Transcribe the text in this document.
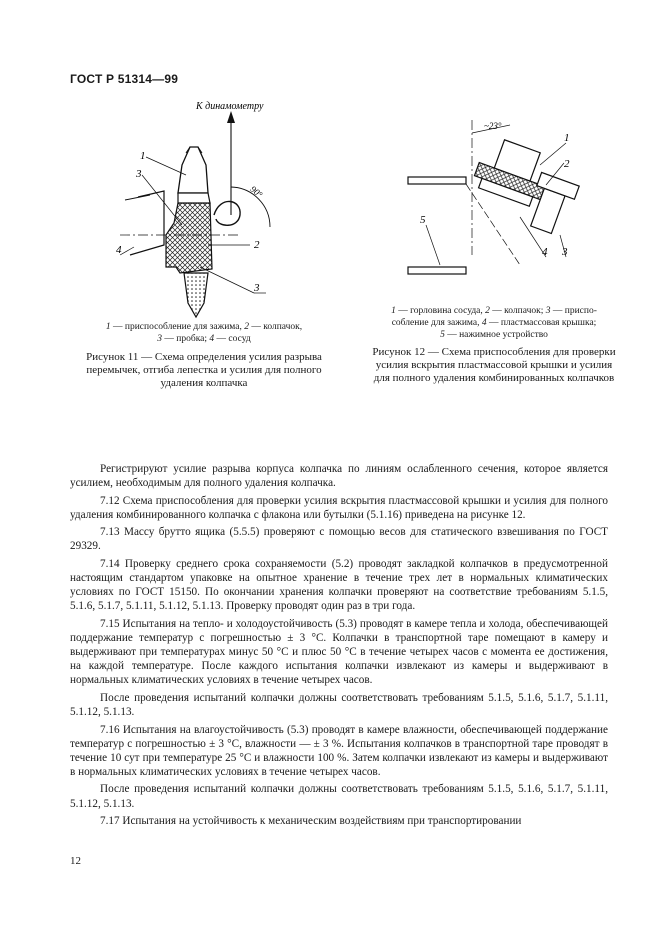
ГОСТ Р 51314—99
К динамометру
90°
1
3
2
3
4
1 — приспособление для зажима, 2 — колпачок,
3 — пробка; 4 — сосуд
Рисунок 11 — Схема определения усилия разрыва перемычек, отгиба лепестка и усилия для полного удаления колпачка
~23°
1
2
3
4
5
1 — горловина сосуда, 2 — колпачок; 3 — приспо-
собление для зажима, 4 — пластмассовая крышка;
5 — нажимное устройство
Рисунок 12 — Схема приспособления для проверки усилия вскрытия пластмассовой крышки и усилия для полного удаления комбинированных колпачков

Регистрируют усилие разрыва корпуса колпачка по линиям ослабленного сечения, которое является усилием, необходимым для полного удаления колпачка.

7.12 Схема приспособления для проверки усилия вскрытия пластмассовой крышки и усилия для полного удаления комбинированного колпачка с флакона или бутылки (5.1.16) приведена на рисунке 12.

7.13 Массу брутто ящика (5.5.5) проверяют с помощью весов для статического взвешивания по ГОСТ 29329.

7.14 Проверку среднего срока сохраняемости (5.2) проводят закладкой колпачков в предусмотренной настоящим стандартом упаковке на опытное хранение в течение трех лет в нормальных климатических условиях по ГОСТ 15150. По окончании хранения колпачки проверяют на соответствие требованиям 5.1.5, 5.1.6, 5.1.7, 5.1.11, 5.1.12, 5.1.13. Проверку проводят один раз в три года.

7.15 Испытания на тепло- и холодоустойчивость (5.3) проводят в камере тепла и холода, обеспечивающей поддержание температур с погрешностью ± 3 °С. Колпачки в транспортной таре помещают в камеру и выдерживают при температурах минус 50 °С и плюс 50 °С в течение четырех часов с момента ее достижения, на каждой температуре. После каждого испытания колпачки извлекают из камеры и выдерживают в нормальных климатических условиях в течение четырех часов.

После проведения испытаний колпачки должны соответствовать требованиям 5.1.5, 5.1.6, 5.1.7, 5.1.11, 5.1.12, 5.1.13.

7.16 Испытания на влагоустойчивость (5.3) проводят в камере влажности, обеспечивающей поддержание температур с погрешностью ± 3 °С, влажности — ± 3 %. Испытания колпачков в транспортной таре проводят в течение 10 сут при температуре 25 °С и влажности 100 %. Затем колпачки извлекают из камеры и выдерживают в нормальных климатических условиях в течение четырех часов.

После проведения испытаний колпачки должны соответствовать требованиям 5.1.5, 5.1.6, 5.1.7, 5.1.11, 5.1.12, 5.1.13.

7.17 Испытания на устойчивость к механическим воздействиям при транспортировании

12
